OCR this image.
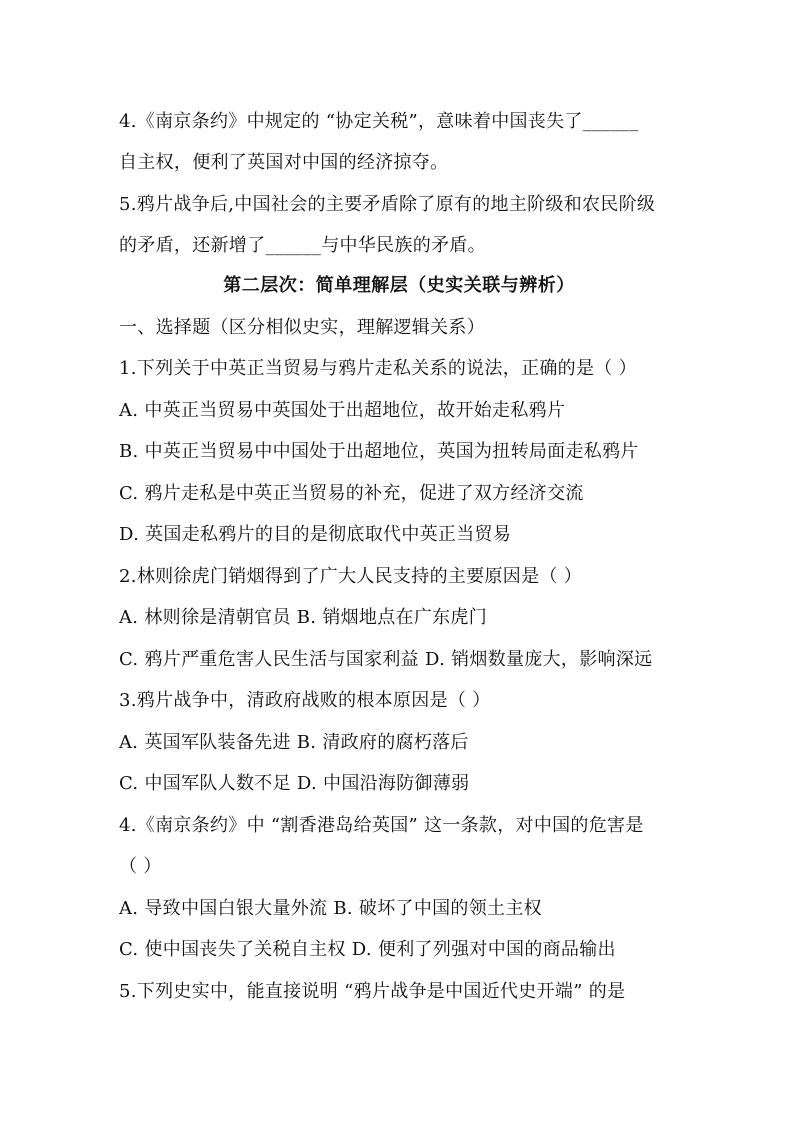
4.《南京条约》中规定的 “协定关税”，意味着中国丧失了______
自主权，便利了英国对中国的经济掠夺。
5.鸦片战争后,中国社会的主要矛盾除了原有的地主阶级和农民阶级
的矛盾，还新增了______与中华民族的矛盾。
第二层次：简单理解层（史实关联与辨析）
一、选择题（区分相似史实，理解逻辑关系）
1.下列关于中英正当贸易与鸦片走私关系的说法，正确的是（ ）
A. 中英正当贸易中英国处于出超地位，故开始走私鸦片
B. 中英正当贸易中中国处于出超地位，英国为扭转局面走私鸦片
C. 鸦片走私是中英正当贸易的补充，促进了双方经济交流
D. 英国走私鸦片的目的是彻底取代中英正当贸易
2.林则徐虎门销烟得到了广大人民支持的主要原因是（ ）
A. 林则徐是清朝官员 B. 销烟地点在广东虎门
C. 鸦片严重危害人民生活与国家利益 D. 销烟数量庞大，影响深远
3.鸦片战争中，清政府战败的根本原因是（ ）
A. 英国军队装备先进 B. 清政府的腐朽落后
C. 中国军队人数不足 D. 中国沿海防御薄弱
4.《南京条约》中 “割香港岛给英国” 这一条款，对中国的危害是
（ ）
A. 导致中国白银大量外流 B. 破坏了中国的领土主权
C. 使中国丧失了关税自主权 D. 便利了列强对中国的商品输出
5.下列史实中，能直接说明 “鸦片战争是中国近代史开端” 的是
